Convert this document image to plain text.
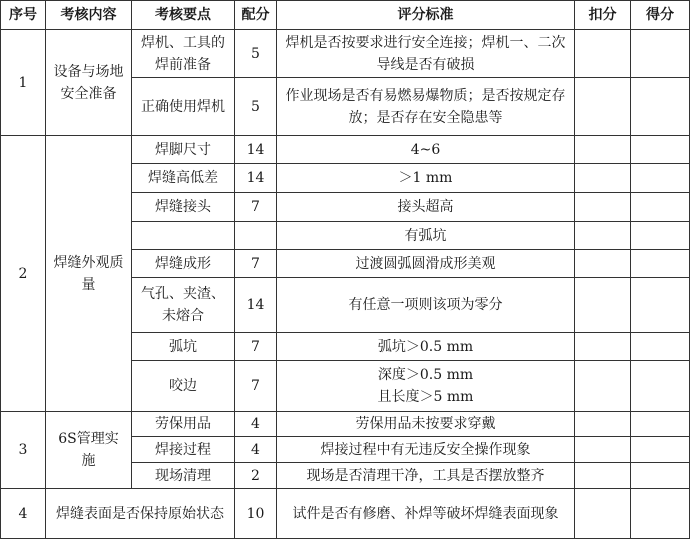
序号	考核内容	考核要点	配分	评分标准	扣分	得分
1	设备与场地安全准备	焊机、工具的焊前准备	5	焊机是否按要求进行安全连接；焊机一、二次导线是否有破损		
		正确使用焊机	5	作业现场是否有易燃易爆物质；是否按规定存放；是否存在安全隐患等		
2	焊缝外观质量	焊脚尺寸	14	4~6		
		焊缝高低差	14	＞1 mm		
		焊缝接头	7	接头超高		
				有弧坑		
		焊缝成形	7	过渡圆弧圆滑成形美观		
		气孔、夹渣、未熔合	14	有任意一项则该项为零分		
		弧坑	7	弧坑＞0.5 mm		
		咬边	7	深度＞0.5 mm
且长度＞5 mm		

3	6S管理实施	劳保用品	4	劳保用品未按要求穿戴		
		焊接过程	4	焊接过程中有无违反安全操作现象		
		现场清理	2	现场是否清理干净，工具是否摆放整齐		
4	焊缝表面是否保持原始状态		10	试件是否有修磨、补焊等破坏焊缝表面现象		
